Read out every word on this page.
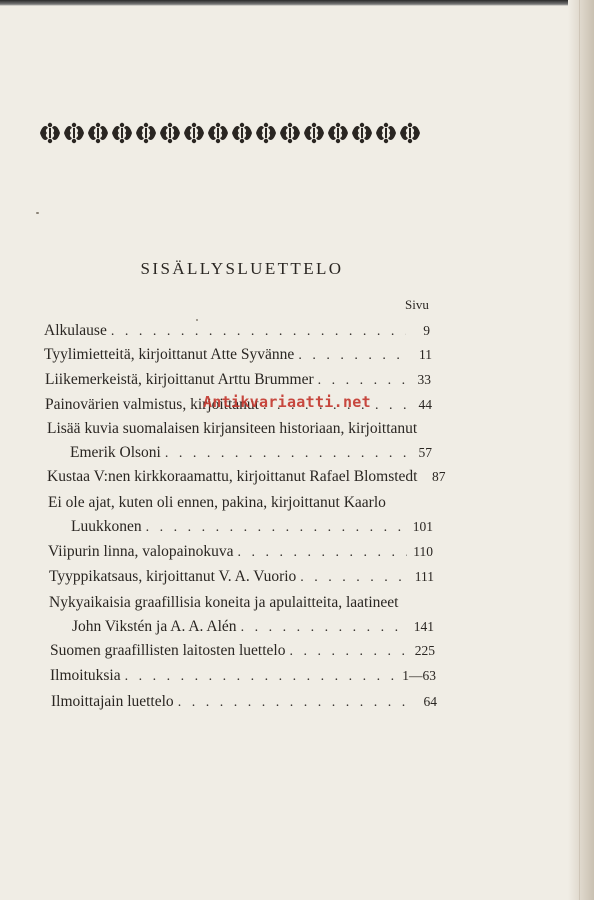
SISÄLLYSLUETTELO
Sivu
Alkulause . . .	9
Tyylimietteitä, kirjoittanut Atte Syvänne . . .	11
Liikemerkeistä, kirjoittanut Arttu Brummer . . .	33
Painovärien valmistus, kirjoittanut . . .	44
Lisää kuvia suomalaisen kirjansiteen historiaan, kirjoittanut
Emerik Olsoni . . .	57
Kustaa V:nen kirkkoraamattu, kirjoittanut Rafael Blomstedt	87
Ei ole ajat, kuten oli ennen, pakina, kirjoittanut Kaarlo
Luukkonen . . .	101
Viipurin linna, valopainokuva . . .	110
Tyyppikatsaus, kirjoittanut V. A. Vuorio . . .	111
Nykyaikaisia graafillisia koneita ja apulaitteita, laatineet
John Vikstén ja A. A. Alén . . .	141
Suomen graafillisten laitosten luettelo . . .	225
Ilmoituksia . . .	1—63
Ilmoittajain luettelo . . .	64
Antikvariaatti.net
